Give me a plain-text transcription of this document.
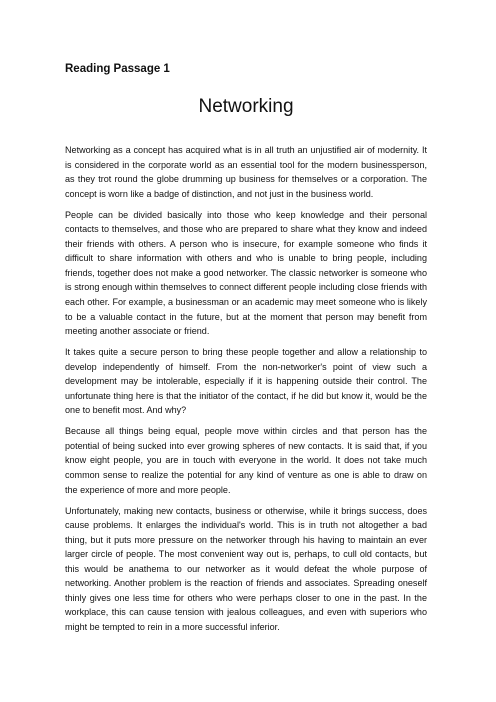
Reading Passage 1
Networking

Networking as a concept has acquired what is in all truth an unjustified air of modernity. It is considered in the corporate world as an essential tool for the modern businessperson, as they trot round the globe drumming up business for themselves or a corporation. The concept is worn like a badge of distinction, and not just in the business world.

People can be divided basically into those who keep knowledge and their personal contacts to themselves, and those who are prepared to share what they know and indeed their friends with others. A person who is insecure, for example someone who finds it difficult to share information with others and who is unable to bring people, including friends, together does not make a good networker. The classic networker is someone who is strong enough within themselves to connect different people including close friends with each other. For example, a businessman or an academic may meet someone who is likely to be a valuable contact in the future, but at the moment that person may benefit from meeting another associate or friend.

It takes quite a secure person to bring these people together and allow a relationship to develop independently of himself. From the non-networker's point of view such a development may be intolerable, especially if it is happening outside their control. The unfortunate thing here is that the initiator of the contact, if he did but know it, would be the one to benefit most. And why?

Because all things being equal, people move within circles and that person has the potential of being sucked into ever growing spheres of new contacts. It is said that, if you know eight people, you are in touch with everyone in the world. It does not take much common sense to realize the potential for any kind of venture as one is able to draw on the experience of more and more people.

Unfortunately, making new contacts, business or otherwise, while it brings success, does cause problems. It enlarges the individual's world. This is in truth not altogether a bad thing, but it puts more pressure on the networker through his having to maintain an ever larger circle of people. The most convenient way out is, perhaps, to cull old contacts, but this would be anathema to our networker as it would defeat the whole purpose of networking. Another problem is the reaction of friends and associates. Spreading oneself thinly gives one less time for others who were perhaps closer to one in the past. In the workplace, this can cause tension with jealous colleagues, and even with superiors who might be tempted to rein in a more successful inferior.
